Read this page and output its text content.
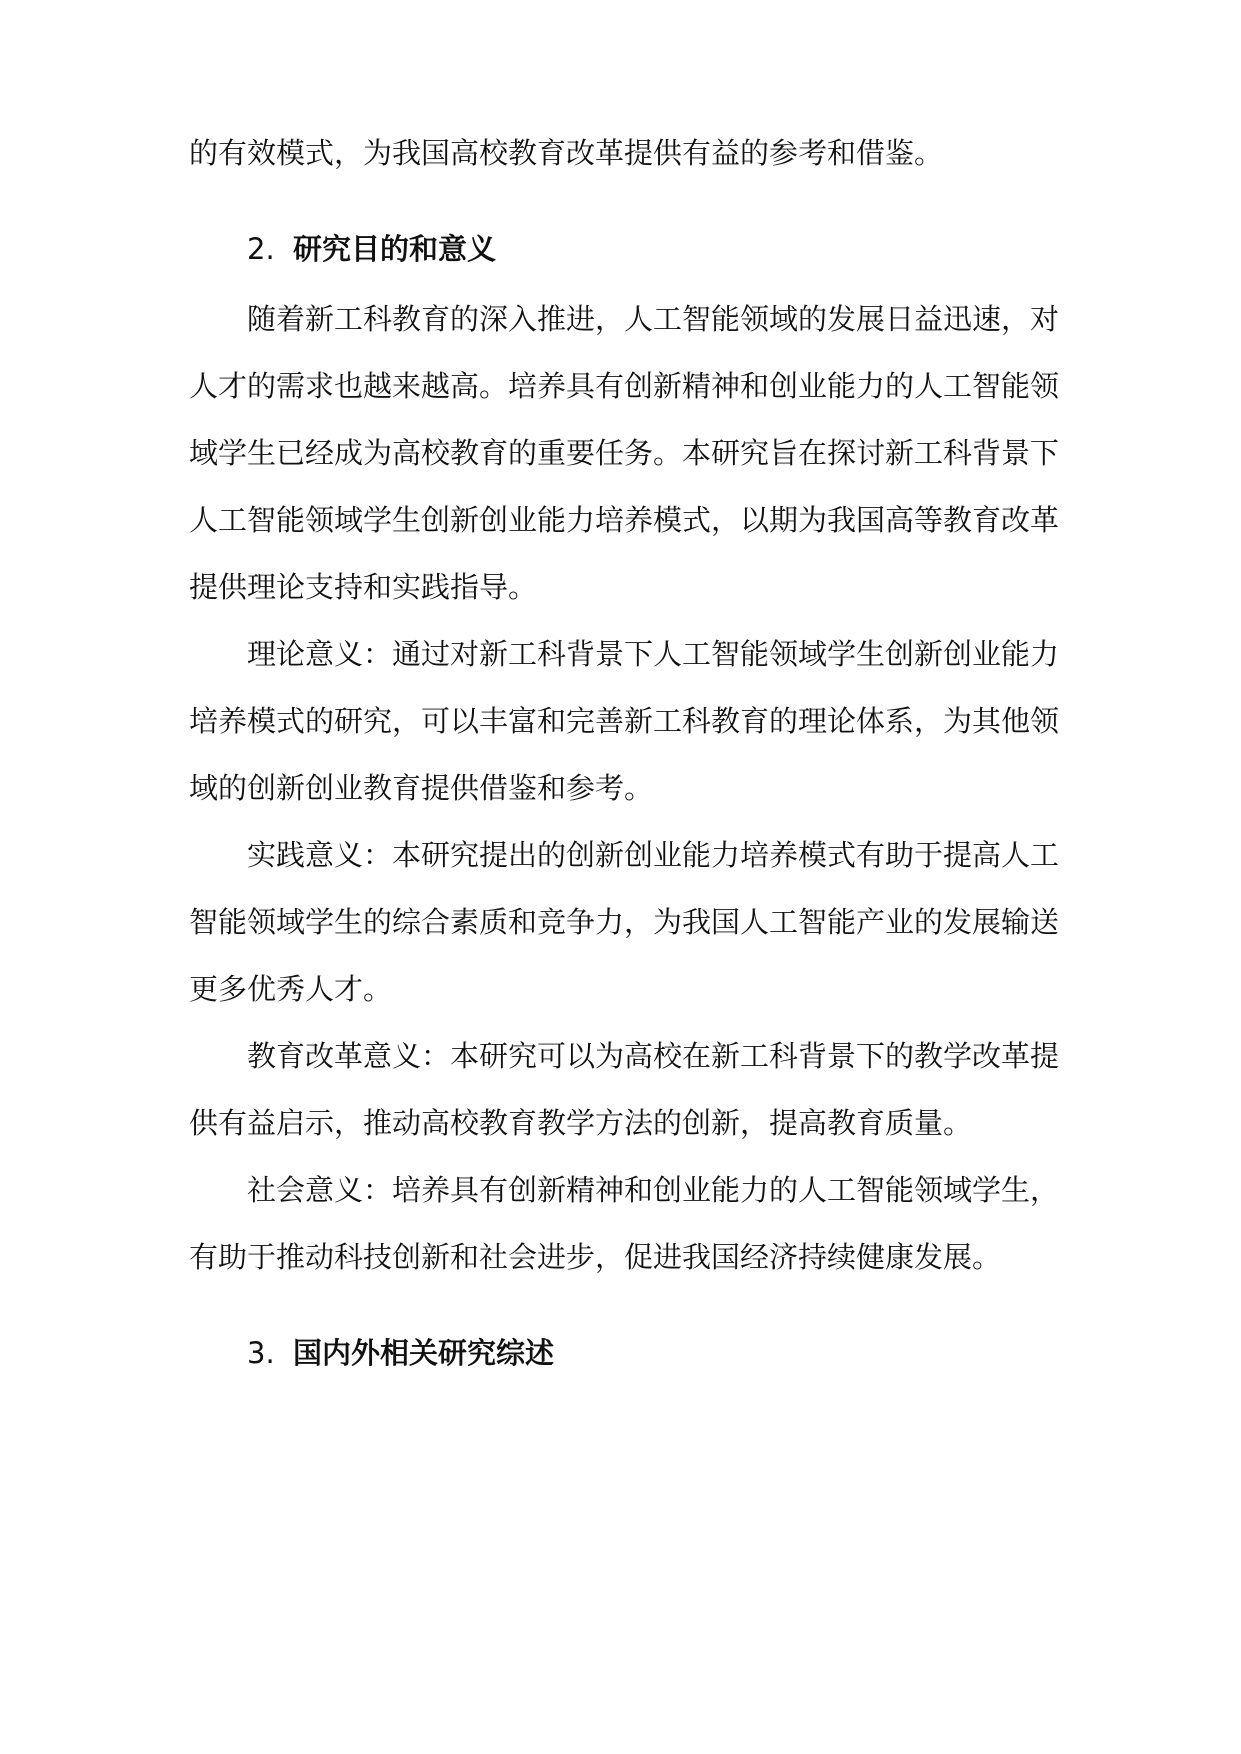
的有效模式，为我国高校教育改革提供有益的参考和借鉴。
2. 研究目的和意义
随着新工科教育的深入推进，人工智能领域的发展日益迅速，对
人才的需求也越来越高。培养具有创新精神和创业能力的人工智能领
域学生已经成为高校教育的重要任务。本研究旨在探讨新工科背景下
人工智能领域学生创新创业能力培养模式，以期为我国高等教育改革
提供理论支持和实践指导。
理论意义：通过对新工科背景下人工智能领域学生创新创业能力
培养模式的研究，可以丰富和完善新工科教育的理论体系，为其他领
域的创新创业教育提供借鉴和参考。
实践意义：本研究提出的创新创业能力培养模式有助于提高人工
智能领域学生的综合素质和竞争力，为我国人工智能产业的发展输送
更多优秀人才。
教育改革意义：本研究可以为高校在新工科背景下的教学改革提
供有益启示，推动高校教育教学方法的创新，提高教育质量。
社会意义：培养具有创新精神和创业能力的人工智能领域学生，
有助于推动科技创新和社会进步，促进我国经济持续健康发展。
3. 国内外相关研究综述
